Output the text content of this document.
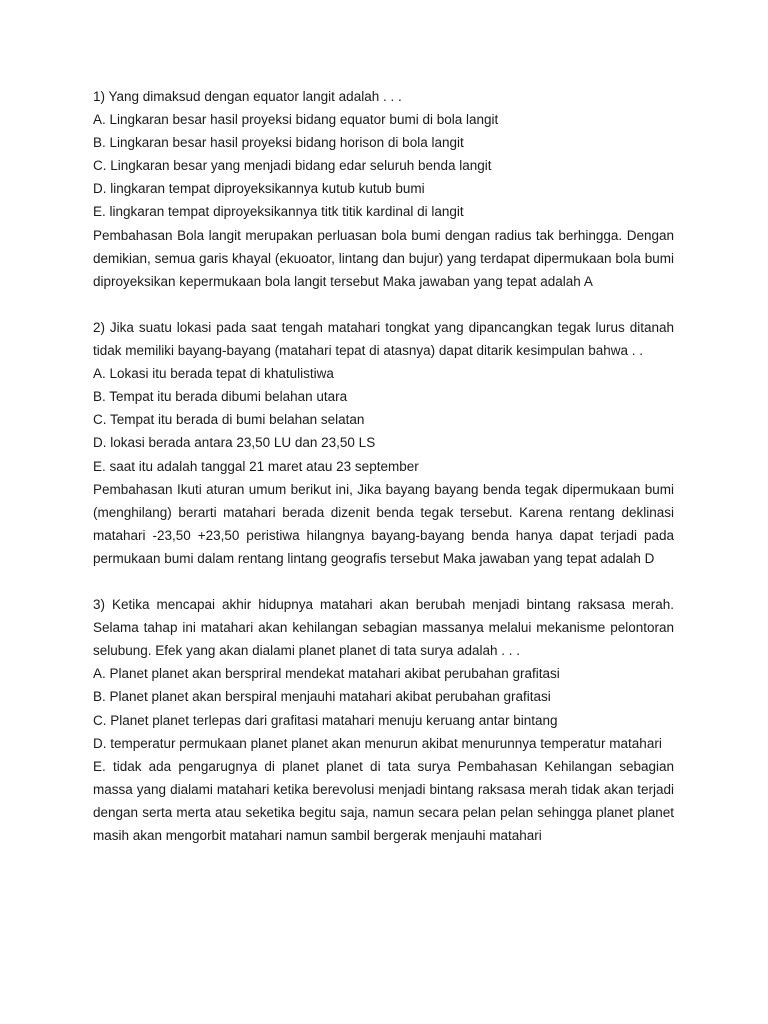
1) Yang dimaksud dengan equator langit adalah . . .
A. Lingkaran besar hasil proyeksi bidang equator bumi di bola langit
B. Lingkaran besar hasil proyeksi bidang horison di bola langit
C. Lingkaran besar yang menjadi bidang edar seluruh benda langit
D. lingkaran tempat diproyeksikannya kutub kutub bumi
E. lingkaran tempat diproyeksikannya titk titik kardinal di langit
Pembahasan Bola langit merupakan perluasan bola bumi dengan radius tak berhingga. Dengan demikian, semua garis khayal (ekuoator, lintang dan bujur) yang terdapat dipermukaan bola bumi diproyeksikan kepermukaan bola langit tersebut Maka jawaban yang tepat adalah A
2) Jika suatu lokasi pada saat tengah matahari tongkat yang dipancangkan tegak lurus ditanah tidak memiliki bayang-bayang (matahari tepat di atasnya) dapat ditarik kesimpulan bahwa . .
A. Lokasi itu berada tepat di khatulistiwa
B. Tempat itu berada dibumi belahan utara
C. Tempat itu berada di bumi belahan selatan
D. lokasi berada antara 23,50 LU dan 23,50 LS
E. saat itu adalah tanggal 21 maret atau 23 september
Pembahasan Ikuti aturan umum berikut ini, Jika bayang bayang benda tegak dipermukaan bumi (menghilang) berarti matahari berada dizenit benda tegak tersebut. Karena rentang deklinasi matahari -23,50 +23,50 peristiwa hilangnya bayang-bayang benda hanya dapat terjadi pada permukaan bumi dalam rentang lintang geografis tersebut Maka jawaban yang tepat adalah D
3) Ketika mencapai akhir hidupnya matahari akan berubah menjadi bintang raksasa merah. Selama tahap ini matahari akan kehilangan sebagian massanya melalui mekanisme pelontoran selubung. Efek yang akan dialami planet planet di tata surya adalah . . .
A. Planet planet akan berspriral mendekat matahari akibat perubahan grafitasi
B. Planet planet akan berspiral menjauhi matahari akibat perubahan grafitasi
C. Planet planet terlepas dari grafitasi matahari menuju keruang antar bintang
D. temperatur permukaan planet planet akan menurun akibat menurunnya temperatur matahari
E. tidak ada pengarugnya di planet planet di tata surya Pembahasan Kehilangan sebagian massa yang dialami matahari ketika berevolusi menjadi bintang raksasa merah tidak akan terjadi dengan serta merta atau seketika begitu saja, namun secara pelan pelan sehingga planet planet masih akan mengorbit matahari namun sambil bergerak menjauhi matahari
